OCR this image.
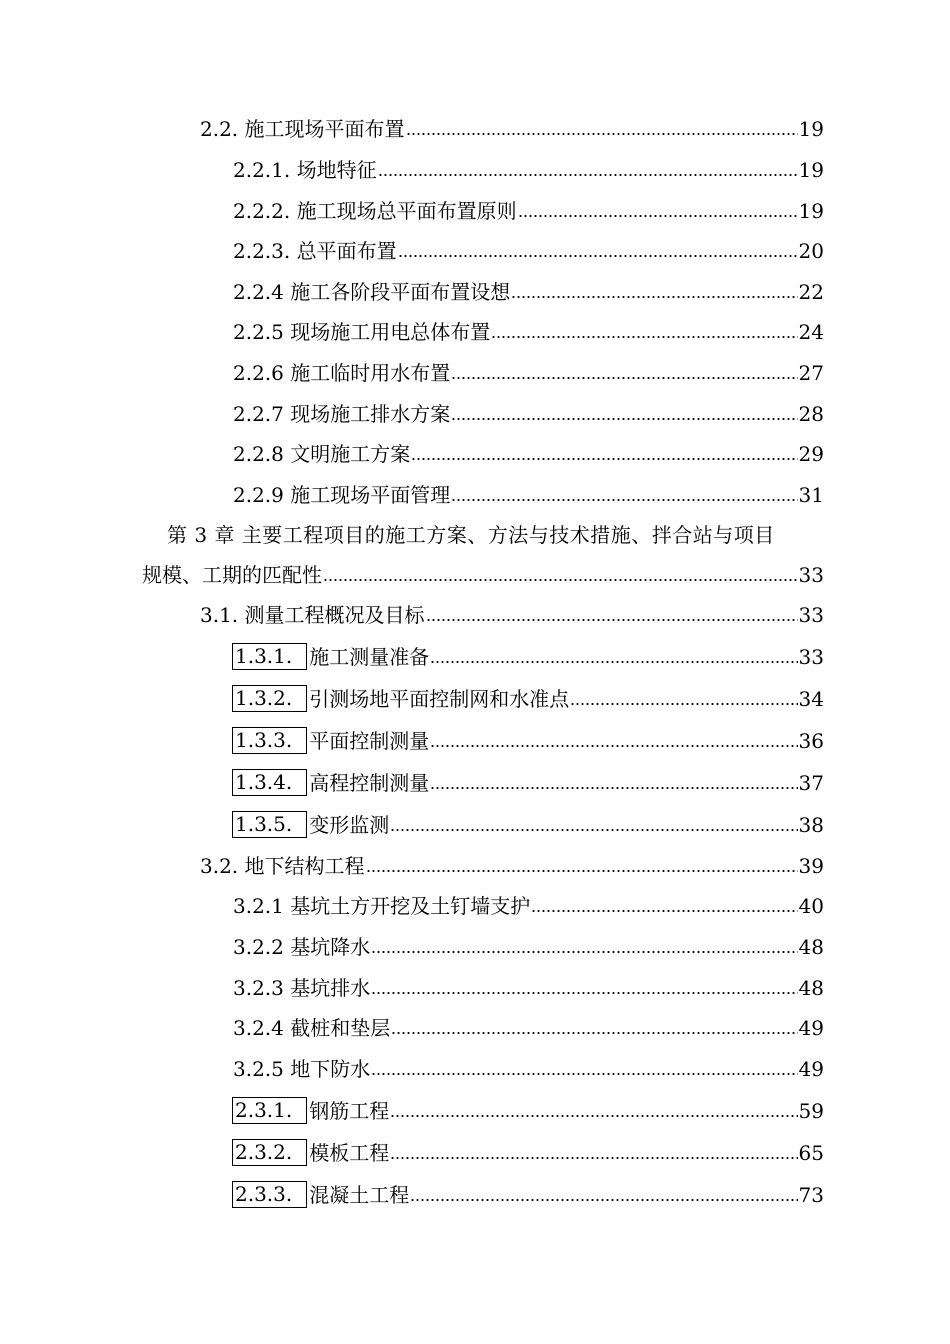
2.2. 施工现场平面布置	19
2.2.1. 场地特征	19
2.2.2. 施工现场总平面布置原则	19
2.2.3. 总平面布置	20
2.2.4 施工各阶段平面布置设想	22
2.2.5 现场施工用电总体布置	24
2.2.6 施工临时用水布置	27
2.2.7 现场施工排水方案	28
2.2.8 文明施工方案	29
2.2.9 施工现场平面管理	31
第 3 章 主要工程项目的施工方案、方法与技术措施、拌合站与项目
规模、工期的匹配性	33
3.1. 测量工程概况及目标	33
1.3.1. 施工测量准备	33
1.3.2. 引测场地平面控制网和水准点	34
1.3.3. 平面控制测量	36
1.3.4. 高程控制测量	37
1.3.5. 变形监测	38
3.2. 地下结构工程	39
3.2.1 基坑土方开挖及土钉墙支护	40
3.2.2 基坑降水	48
3.2.3 基坑排水	48
3.2.4 截桩和垫层	49
3.2.5 地下防水	49
2.3.1. 钢筋工程	59
2.3.2. 模板工程	65
2.3.3. 混凝土工程	73
